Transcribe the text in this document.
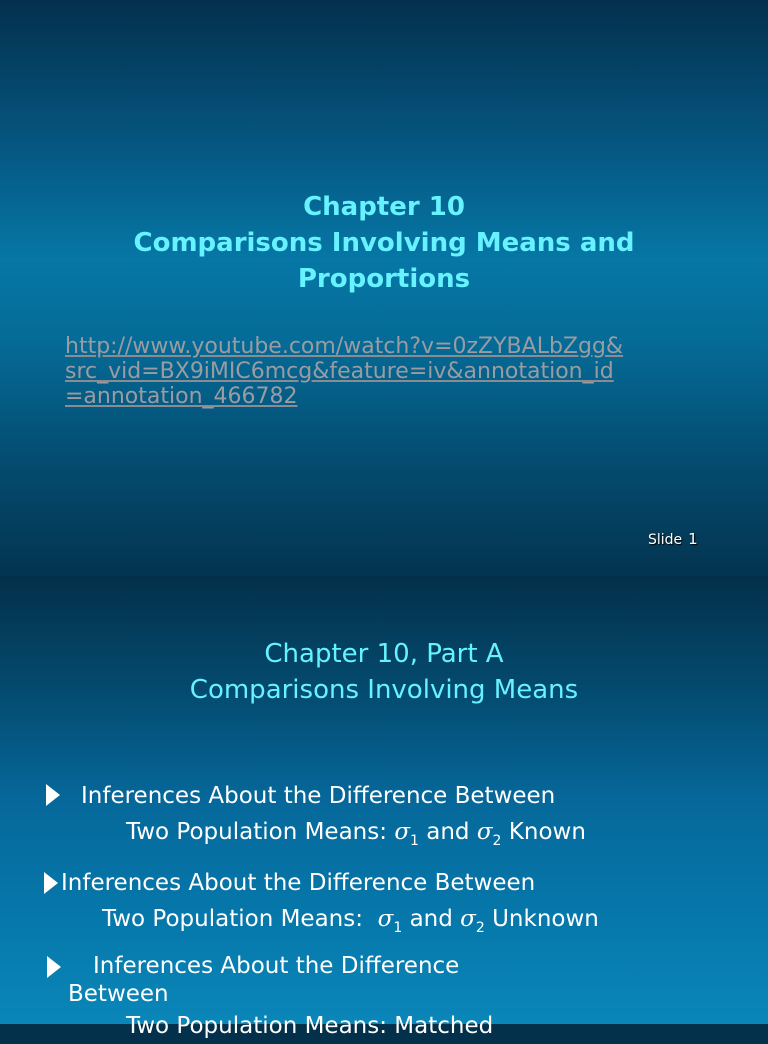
Chapter 10
Comparisons Involving Means and
Proportions
http://www.youtube.com/watch?v=0zZYBALbZgg&
src_vid=BX9iMIC6mcg&feature=iv&annotation_id
=annotation_466782
Slide 1
Chapter 10, Part A
Comparisons Involving Means
Inferences About the Difference Between
Two Population Means: $\sigma_1$ and $\sigma_2$ Known
Inferences About the Difference Between
Two Population Means: $\sigma_1$ and $\sigma_2$ Unknown
Inferences About the Difference
Between
Two Population Means: Matched
